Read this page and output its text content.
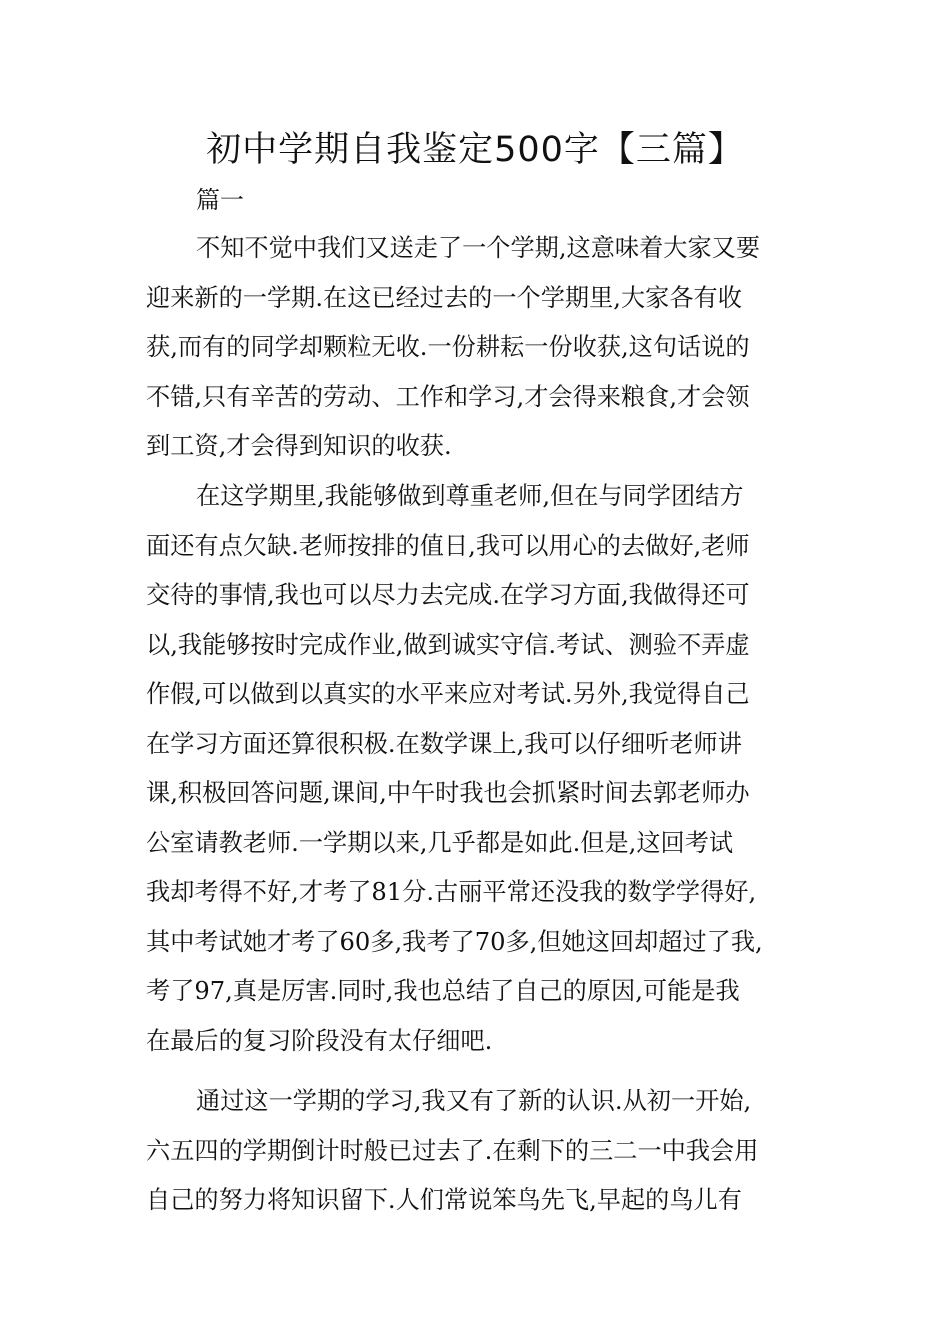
初中学期自我鉴定500字【三篇】
篇一
不知不觉中我们又送走了一个学期,这意味着大家又要
迎来新的一学期.在这已经过去的一个学期里,大家各有收
获,而有的同学却颗粒无收.一份耕耘一份收获,这句话说的
不错,只有辛苦的劳动、工作和学习,才会得来粮食,才会领
到工资,才会得到知识的收获.
在这学期里,我能够做到尊重老师,但在与同学团结方
面还有点欠缺.老师按排的值日,我可以用心的去做好,老师
交待的事情,我也可以尽力去完成.在学习方面,我做得还可
以,我能够按时完成作业,做到诚实守信.考试、测验不弄虚
作假,可以做到以真实的水平来应对考试.另外,我觉得自己
在学习方面还算很积极.在数学课上,我可以仔细听老师讲
课,积极回答问题,课间,中午时我也会抓紧时间去郭老师办
公室请教老师.一学期以来,几乎都是如此.但是,这回考试
我却考得不好,才考了81分.古丽平常还没我的数学学得好,
其中考试她才考了60多,我考了70多,但她这回却超过了我,
考了97,真是厉害.同时,我也总结了自己的原因,可能是我
在最后的复习阶段没有太仔细吧.
通过这一学期的学习,我又有了新的认识.从初一开始,
六五四的学期倒计时般已过去了.在剩下的三二一中我会用
自己的努力将知识留下.人们常说笨鸟先飞,早起的鸟儿有
